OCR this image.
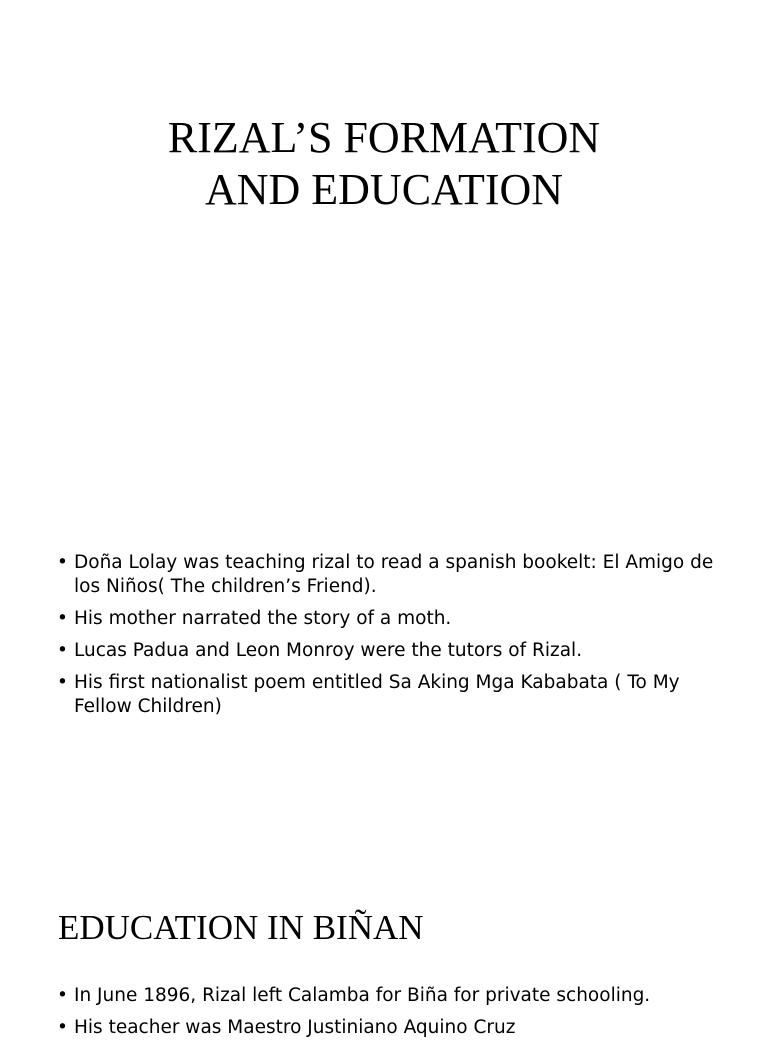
RIZAL’S FORMATION
AND EDUCATION
• Doña Lolay was teaching rizal to read a spanish bookelt: El Amigo de los Niños( The children’s Friend).
• His mother narrated the story of a moth.
• Lucas Padua and Leon Monroy were the tutors of Rizal.
• His first nationalist poem entitled Sa Aking Mga Kababata ( To My Fellow Children)
EDUCATION IN BIÑAN
• In June 1896, Rizal left Calamba for Biña for private schooling.
• His teacher was Maestro Justiniano Aquino Cruz
